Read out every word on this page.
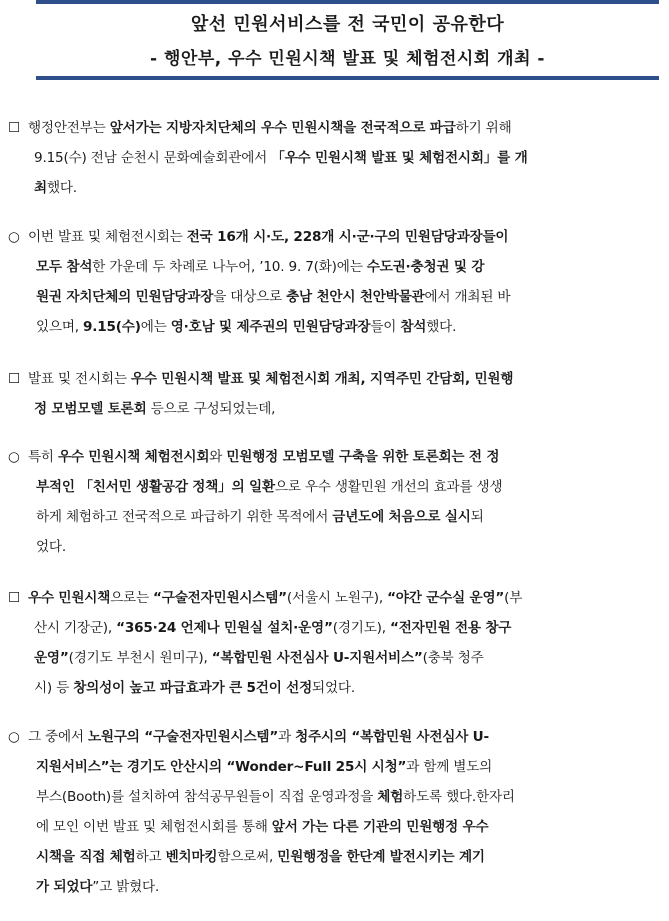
앞선 민원서비스를 전 국민이 공유한다
- 행안부, 우수 민원시책 발표 및 체험전시회 개최 -
☐ 행정안전부는 앞서가는 지방자치단체의 우수 민원시책을 전국적으로 파급하기 위해
9.15(수) 전남 순천시 문화예술회관에서 「우수 민원시책 발표 및 체험전시회」를 개
최했다.
○ 이번 발표 및 체험전시회는 전국 16개 시·도, 228개 시·군·구의 민원담당과장들이
모두 참석한 가운데 두 차례로 나누어, ’10. 9. 7(화)에는 수도권·충청권 및 강
원권 자치단체의 민원담당과장을 대상으로 충남 천안시 천안박물관에서 개최된 바
있으며, 9.15(수)에는 영·호남 및 제주권의 민원담당과장들이 참석했다.
☐ 발표 및 전시회는 우수 민원시책 발표 및 체험전시회 개최, 지역주민 간담회, 민원행
정 모범모델 토론회 등으로 구성되었는데,
○ 특히 우수 민원시책 체험전시회와 민원행정 모범모델 구축을 위한 토론회는 전 정
부적인 「친서민 생활공감 정책」의 일환으로 우수 생활민원 개선의 효과를 생생
하게 체험하고 전국적으로 파급하기 위한 목적에서 금년도에 처음으로 실시되
었다.
☐ 우수 민원시책으로는 “구술전자민원시스템”(서울시 노원구), “야간 군수실 운영”(부
산시 기장군), “365·24 언제나 민원실 설치·운영”(경기도), “전자민원 전용 창구
운영”(경기도 부천시 원미구), “복합민원 사전심사 U-지원서비스”(충북 청주
시) 등 창의성이 높고 파급효과가 큰 5건이 선정되었다.
○ 그 중에서 노원구의 “구술전자민원시스템”과 청주시의 “복합민원 사전심사 U-
지원서비스”는 경기도 안산시의 “Wonder~Full 25시 시청”과 함께 별도의
부스(Booth)를 설치하여 참석공무원들이 직접 운영과정을 체험하도록 했다.한자리
에 모인 이번 발표 및 체험전시회를 통해 앞서 가는 다른 기관의 민원행정 우수
시책을 직접 체험하고 벤치마킹함으로써, 민원행정을 한단계 발전시키는 계기
가 되었다”고 밝혔다.
